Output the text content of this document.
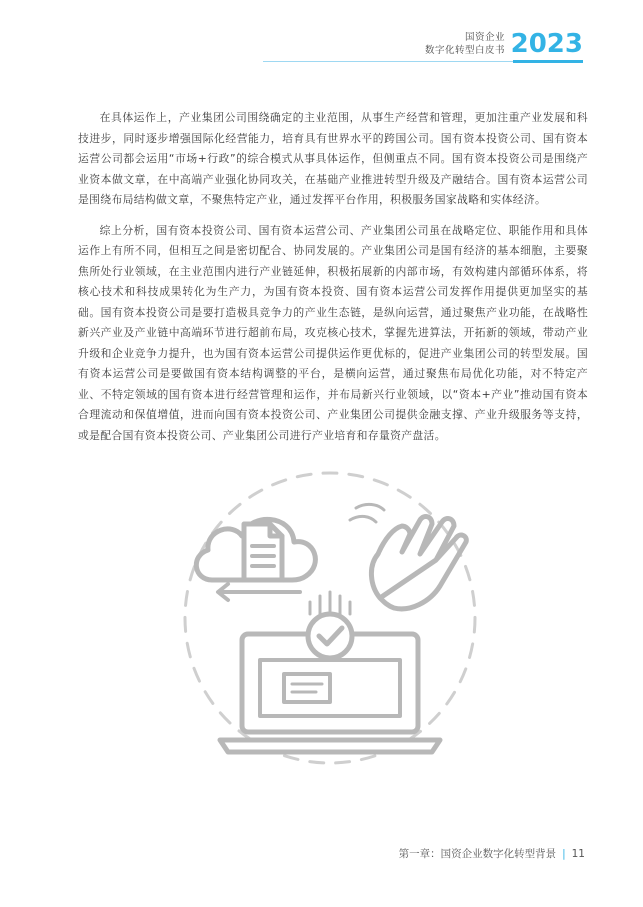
国资企业
数字化转型白皮书 2023

在具体运作上，产业集团公司围绕确定的主业范围，从事生产经营和管理，更加注重产业发展和科技进步，同时逐步增强国际化经营能力，培育具有世界水平的跨国公司。国有资本投资公司、国有资本运营公司都会运用“市场+行政”的综合模式从事具体运作，但侧重点不同。国有资本投资公司是围绕产业资本做文章，在中高端产业强化协同攻关，在基础产业推进转型升级及产融结合。国有资本运营公司是围绕布局结构做文章，不聚焦特定产业，通过发挥平台作用，积极服务国家战略和实体经济。

综上分析，国有资本投资公司、国有资本运营公司、产业集团公司虽在战略定位、职能作用和具体运作上有所不同，但相互之间是密切配合、协同发展的。产业集团公司是国有经济的基本细胞，主要聚焦所处行业领域，在主业范围内进行产业链延伸，积极拓展新的内部市场，有效构建内部循环体系，将核心技术和科技成果转化为生产力，为国有资本投资、国有资本运营公司发挥作用提供更加坚实的基础。国有资本投资公司是要打造极具竞争力的产业生态链，是纵向运营，通过聚焦产业功能，在战略性新兴产业及产业链中高端环节进行超前布局，攻克核心技术，掌握先进算法，开拓新的领域，带动产业升级和企业竞争力提升，也为国有资本运营公司提供运作更优标的，促进产业集团公司的转型发展。国有资本运营公司是要做国有资本结构调整的平台，是横向运营，通过聚焦布局优化功能，对不特定产业、不特定领域的国有资本进行经营管理和运作，并布局新兴行业领域，以“资本+产业”推动国有资本合理流动和保值增值，进而向国有资本投资公司、产业集团公司提供金融支撑、产业升级服务等支持，或是配合国有资本投资公司、产业集团公司进行产业培育和存量资产盘活。

第一章：国资企业数字化转型背景 | 11
